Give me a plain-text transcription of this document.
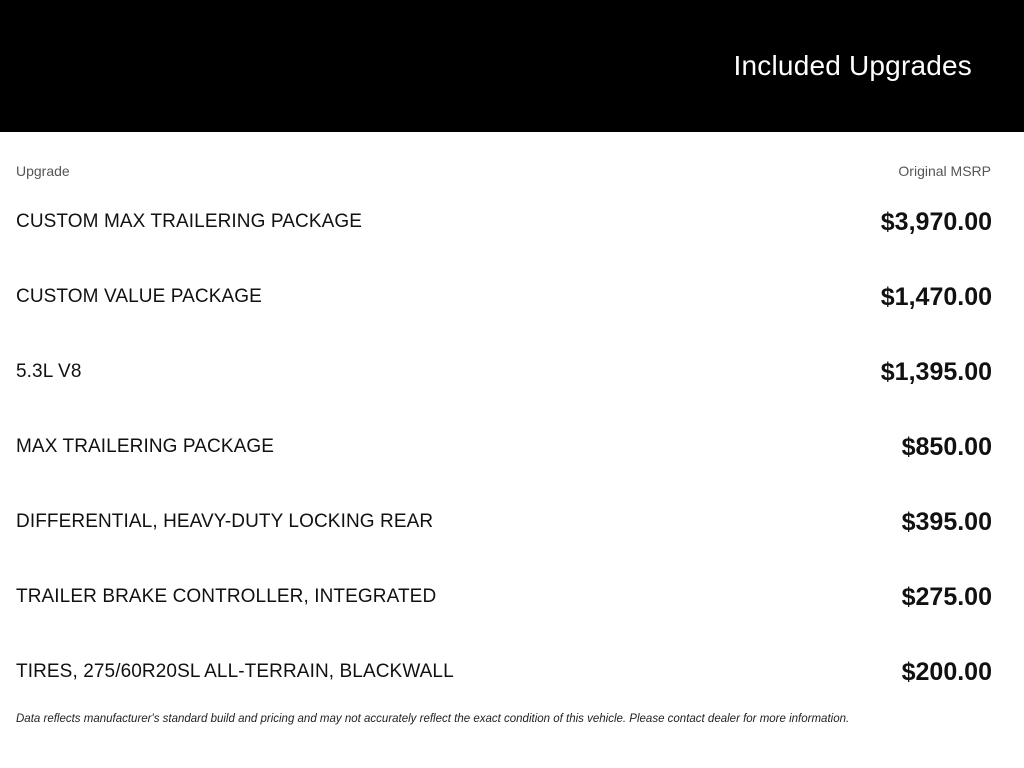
Included Upgrades
Upgrade	Original MSRP
CUSTOM MAX TRAILERING PACKAGE	$3,970.00
CUSTOM VALUE PACKAGE	$1,470.00
5.3L V8	$1,395.00
MAX TRAILERING PACKAGE	$850.00
DIFFERENTIAL, HEAVY-DUTY LOCKING REAR	$395.00
TRAILER BRAKE CONTROLLER, INTEGRATED	$275.00
TIRES, 275/60R20SL ALL-TERRAIN, BLACKWALL	$200.00
Data reflects manufacturer's standard build and pricing and may not accurately reflect the exact condition of this vehicle. Please contact dealer for more information.
